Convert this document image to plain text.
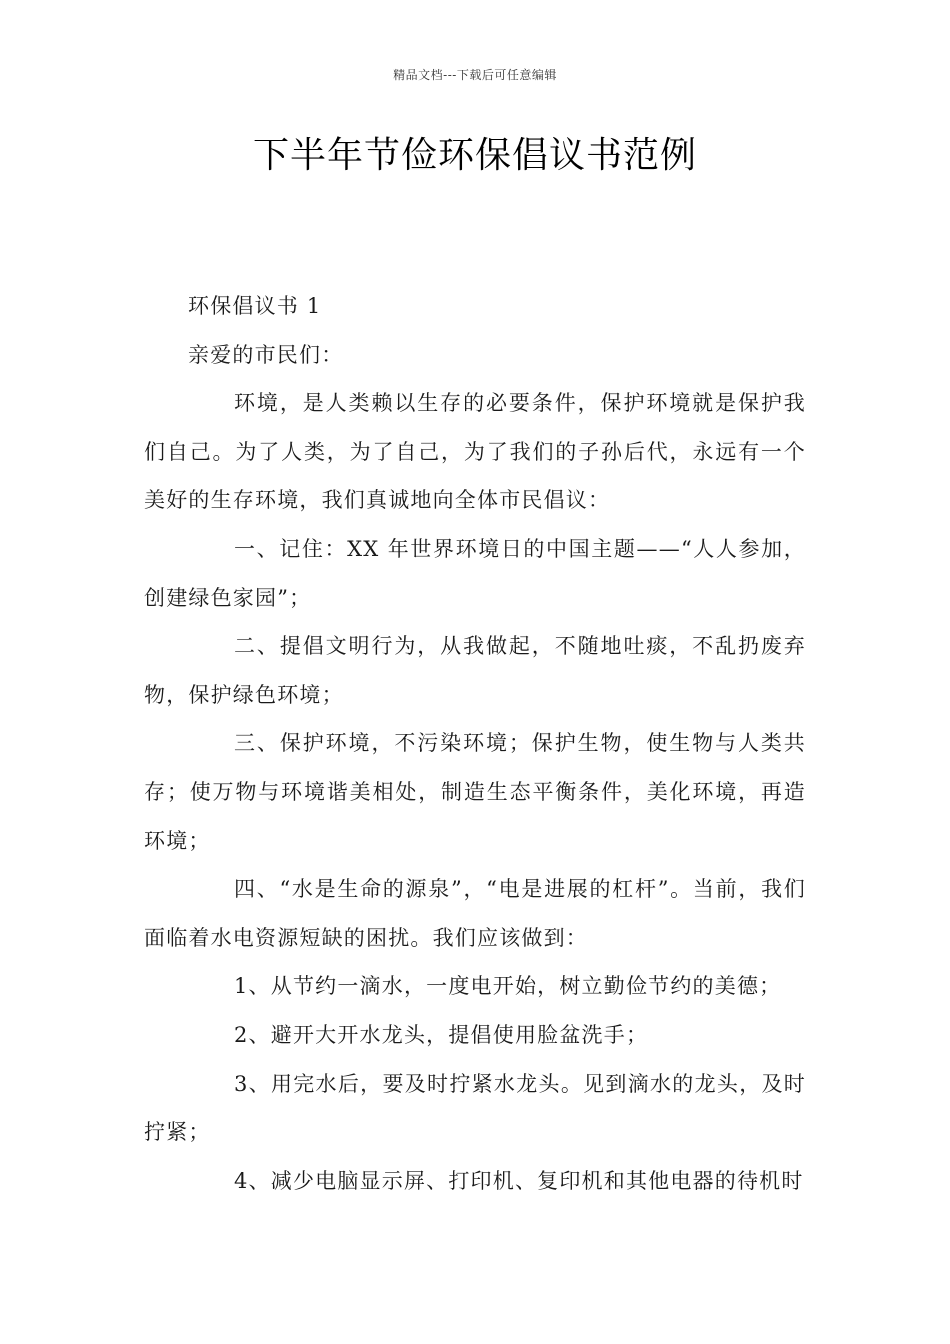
精品文档---下载后可任意编辑
下半年节俭环保倡议书范例

环保倡议书 1

亲爱的市民们：

环境，是人类赖以生存的必要条件，保护环境就是保护我们自己。为了人类，为了自己，为了我们的子孙后代，永远有一个美好的生存环境，我们真诚地向全体市民倡议：

一、记住：XX 年世界环境日的中国主题——“人人参加，创建绿色家园”；

二、提倡文明行为，从我做起，不随地吐痰，不乱扔废弃物，保护绿色环境；

三、保护环境，不污染环境；保护生物，使生物与人类共存；使万物与环境谐美相处，制造生态平衡条件，美化环境，再造环境；

四、“水是生命的源泉”，“电是进展的杠杆”。当前，我们面临着水电资源短缺的困扰。我们应该做到：

1、从节约一滴水，一度电开始，树立勤俭节约的美德；

2、避开大开水龙头，提倡使用脸盆洗手；

3、用完水后，要及时拧紧水龙头。见到滴水的龙头，及时拧紧；

4、减少电脑显示屏、打印机、复印机和其他电器的待机时
